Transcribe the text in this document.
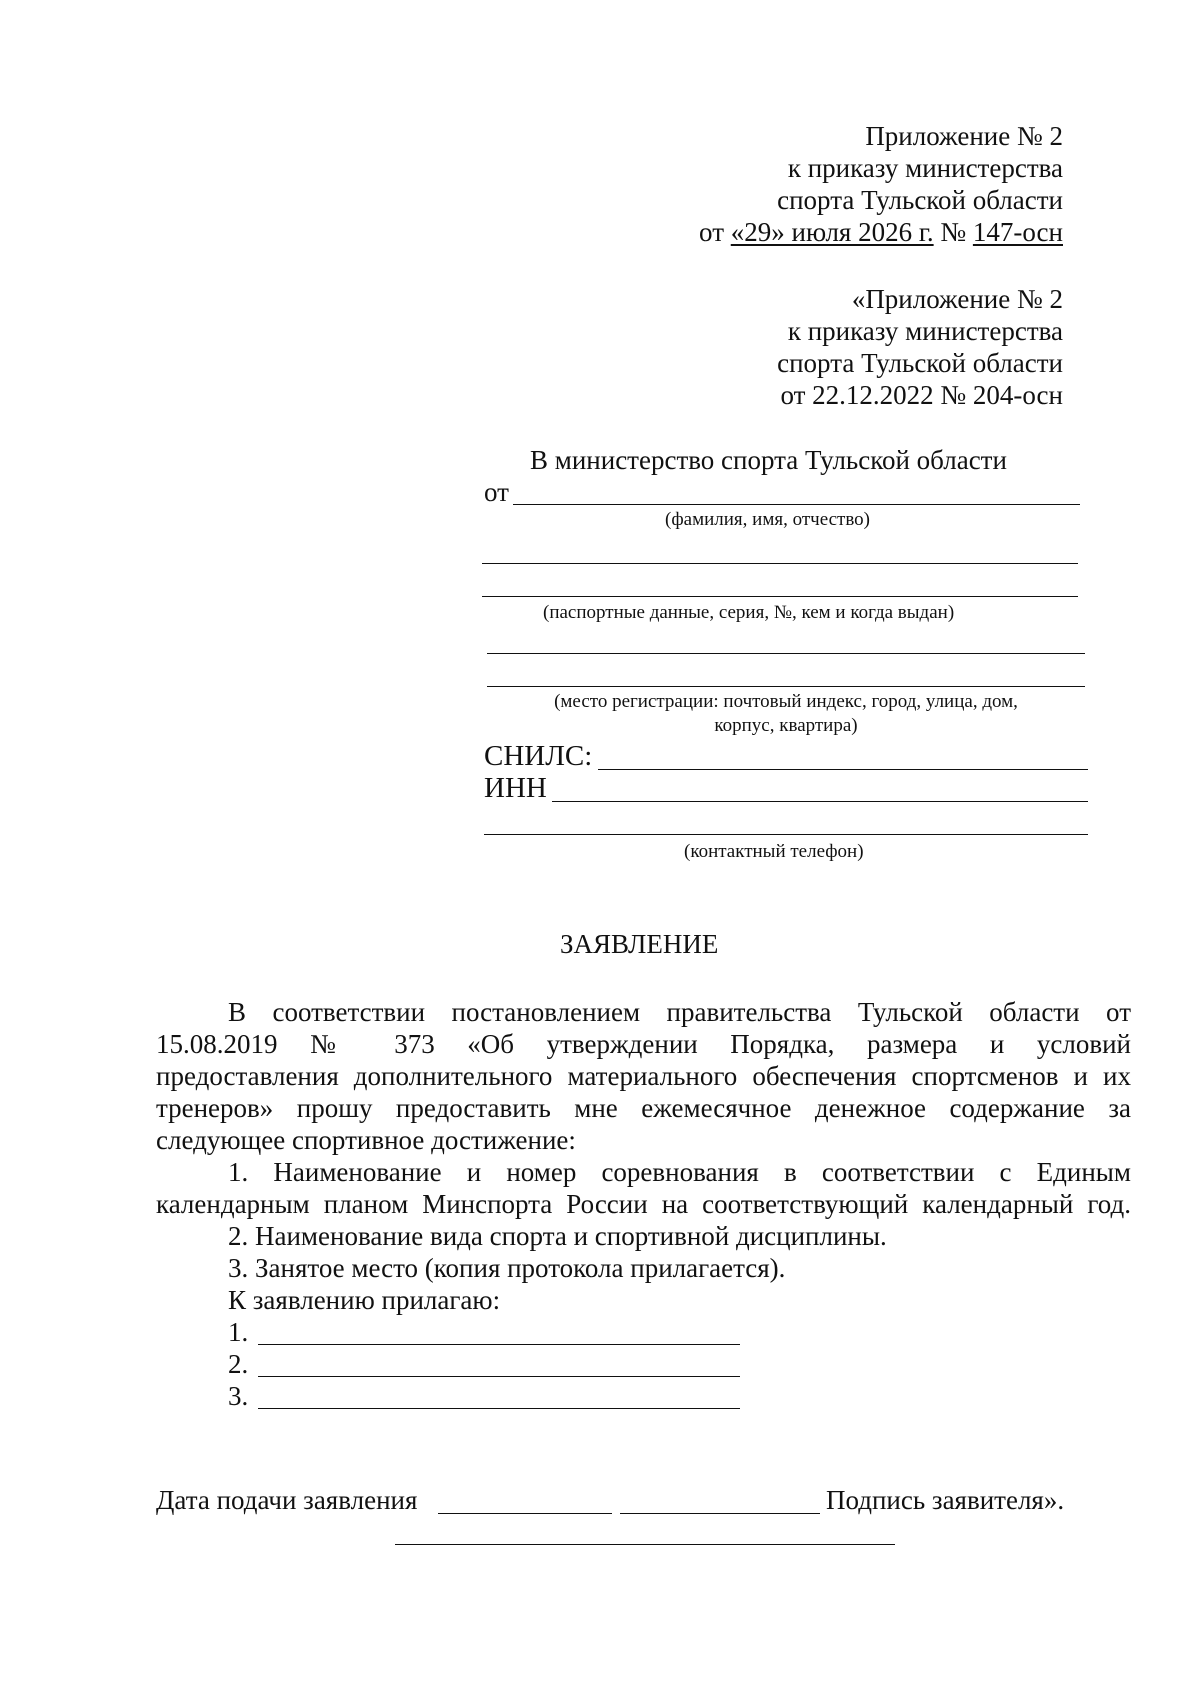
Приложение № 2
к приказу министерства
спорта Тульской области
от «29» июля 2026 г. № 147-осн
«Приложение № 2
к приказу министерства
спорта Тульской области
от 22.12.2022 № 204-осн
В министерство спорта Тульской области
от
(фамилия, имя, отчество)
(паспортные данные, серия, №, кем и когда выдан)
(место регистрации: почтовый индекс, город, улица, дом,
корпус, квартира)
СНИЛС:
ИНН
(контактный телефон)
ЗАЯВЛЕНИЕ
В соответствии постановлением правительства Тульской области от
15.08.2019 № 373 «Об утверждении Порядка, размера и условий
предоставления дополнительного материального обеспечения спортсменов и их
тренеров» прошу предоставить мне ежемесячное денежное содержание за
следующее спортивное достижение:
1. Наименование и номер соревнования в соответствии с Единым
календарным планом Минспорта России на соответствующий календарный год.
2. Наименование вида спорта и спортивной дисциплины.
3. Занятое место (копия протокола прилагается).
К заявлению прилагаю:
1.
2.
3.
Дата подачи заявления	Подпись заявителя».
